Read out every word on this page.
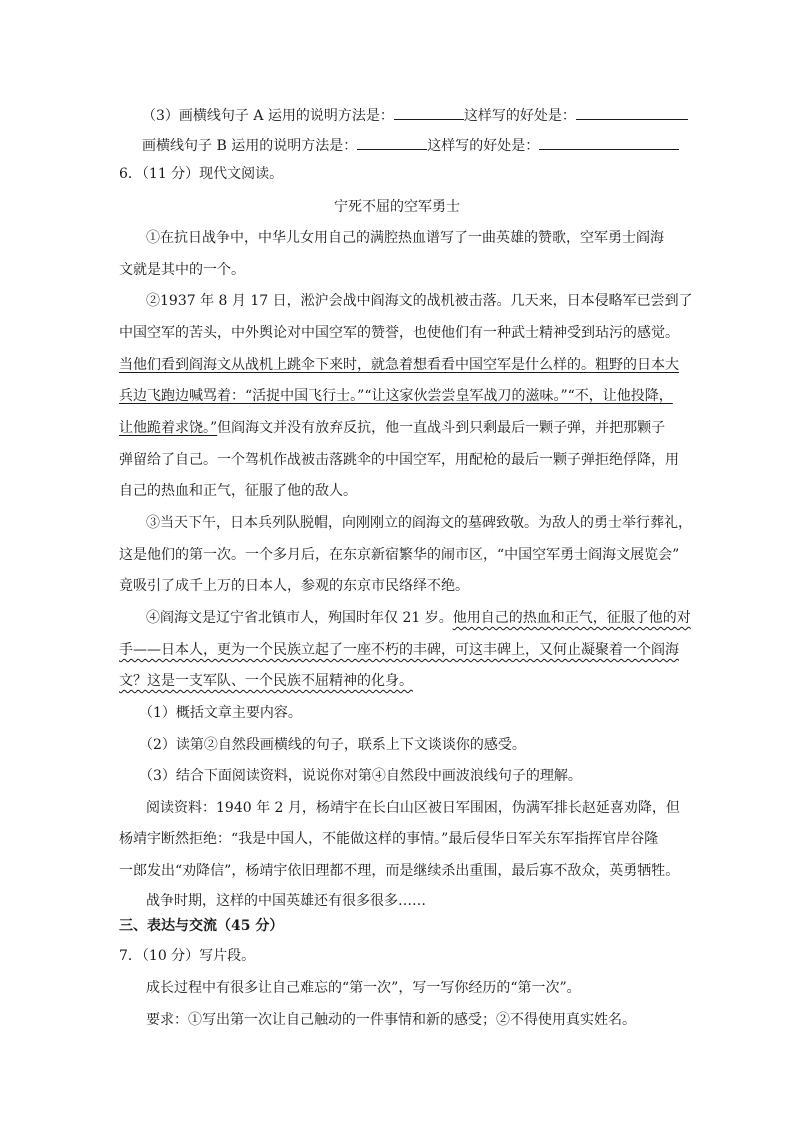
（3）画横线句子 A 运用的说明方法是：	这样写的好处是：
画横线句子 B 运用的说明方法是：	这样写的好处是：
6．（11 分）现代文阅读。
宁死不屈的空军勇士
①在抗日战争中，中华儿女用自己的满腔热血谱写了一曲英雄的赞歌，空军勇士阎海
文就是其中的一个。
②1937 年 8 月 17 日，淞沪会战中阎海文的战机被击落。几天来，日本侵略军已尝到了
中国空军的苦头，中外舆论对中国空军的赞誉，也使他们有一种武士精神受到玷污的感觉。
当他们看到阎海文从战机上跳伞下来时，就急着想看看中国空军是什么样的。粗野的日本大
兵边飞跑边喊骂着：“活捉中国飞行士。”“让这家伙尝尝皇军战刀的滋味。”“不，让他投降，
让他跪着求饶。”但阎海文并没有放弃反抗，他一直战斗到只剩最后一颗子弹，并把那颗子
弹留给了自己。一个驾机作战被击落跳伞的中国空军，用配枪的最后一颗子弹拒绝俘降，用
自己的热血和正气，征服了他的敌人。
③当天下午，日本兵列队脱帽，向刚刚立的阎海文的墓碑致敬。为敌人的勇士举行葬礼，
这是他们的第一次。一个多月后，在东京新宿繁华的闹市区，“中国空军勇士阎海文展览会”
竟吸引了成千上万的日本人，参观的东京市民络绎不绝。
④阎海文是辽宁省北镇市人，殉国时年仅 21 岁。他用自己的热血和正气，征服了他的对
手——日本人，更为一个民族立起了一座不朽的丰碑，可这丰碑上，又何止凝聚着一个阎海
文？这是一支军队、一个民族不屈精神的化身。
（1）概括文章主要内容。
（2）读第②自然段画横线的句子，联系上下文谈谈你的感受。
（3）结合下面阅读资料，说说你对第④自然段中画波浪线句子的理解。
阅读资料：1940 年 2 月，杨靖宇在长白山区被日军围困，伪满军排长赵延喜劝降，但
杨靖宇断然拒绝：“我是中国人，不能做这样的事情。”最后侵华日军关东军指挥官岸谷隆
一郎发出“劝降信”，杨靖宇依旧理都不理，而是继续杀出重围，最后寡不敌众，英勇牺牲。
战争时期，这样的中国英雄还有很多很多……
三、表达与交流（45 分）
7．（10 分）写片段。
成长过程中有很多让自己难忘的“第一次”，写一写你经历的“第一次”。
要求：①写出第一次让自己触动的一件事情和新的感受；②不得使用真实姓名。
